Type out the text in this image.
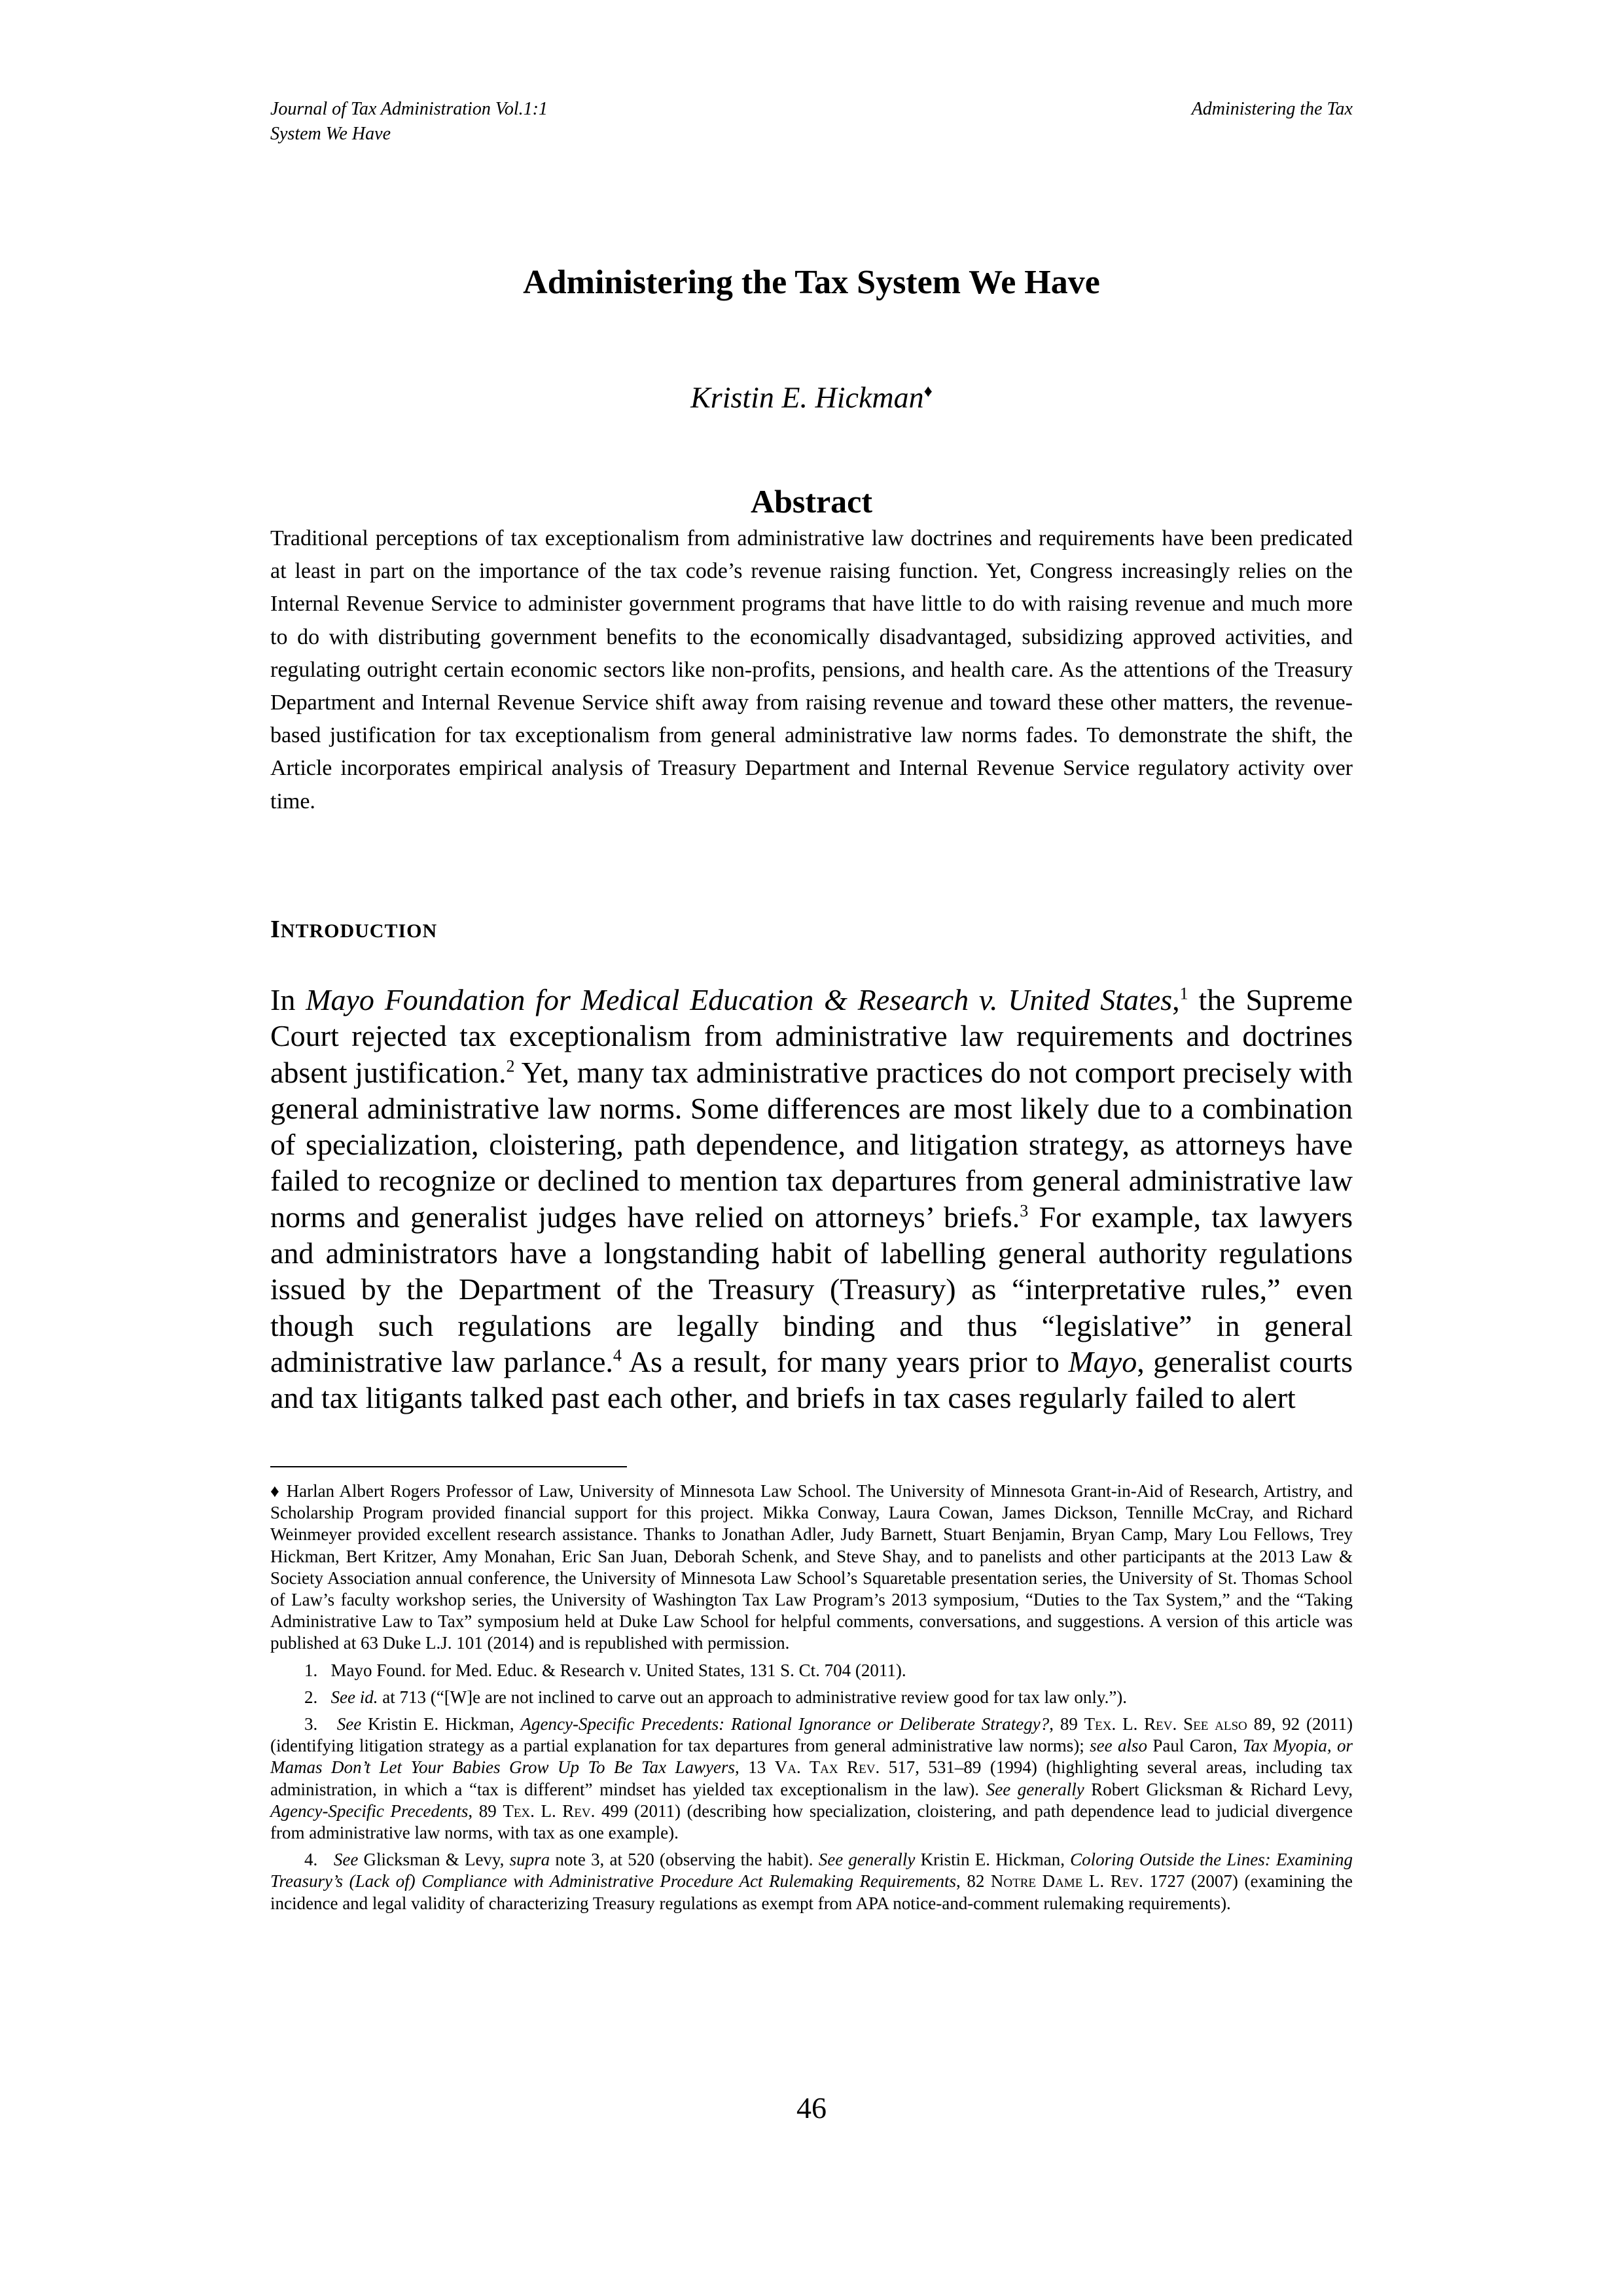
Journal of Tax Administration Vol.1:1
System We Have
Administering the Tax
Administering the Tax System We Have
Kristin E. Hickman♦
Abstract
Traditional perceptions of tax exceptionalism from administrative law doctrines and requirements have been predicated at least in part on the importance of the tax code’s revenue raising function. Yet, Congress increasingly relies on the Internal Revenue Service to administer government programs that have little to do with raising revenue and much more to do with distributing government benefits to the economically disadvantaged, subsidizing approved activities, and regulating outright certain economic sectors like non-profits, pensions, and health care. As the attentions of the Treasury Department and Internal Revenue Service shift away from raising revenue and toward these other matters, the revenue-based justification for tax exceptionalism from general administrative law norms fades. To demonstrate the shift, the Article incorporates empirical analysis of Treasury Department and Internal Revenue Service regulatory activity over time.
INTRODUCTION
In Mayo Foundation for Medical Education & Research v. United States,$^1$ the Supreme Court rejected tax exceptionalism from administrative law requirements and doctrines absent justification.$^2$ Yet, many tax administrative practices do not comport precisely with general administrative law norms. Some differences are most likely due to a combination of specialization, cloistering, path dependence, and litigation strategy, as attorneys have failed to recognize or declined to mention tax departures from general administrative law norms and generalist judges have relied on attorneys’ briefs.$^3$ For example, tax lawyers and administrators have a longstanding habit of labelling general authority regulations issued by the Department of the Treasury (Treasury) as “interpretative rules,” even though such regulations are legally binding and thus “legislative” in general administrative law parlance.$^4$ As a result, for many years prior to Mayo, generalist courts and tax litigants talked past each other, and briefs in tax cases regularly failed to alert

♦ Harlan Albert Rogers Professor of Law, University of Minnesota Law School. The University of Minnesota Grant-in-Aid of Research, Artistry, and Scholarship Program provided financial support for this project. Mikka Conway, Laura Cowan, James Dickson, Tennille McCray, and Richard Weinmeyer provided excellent research assistance. Thanks to Jonathan Adler, Judy Barnett, Stuart Benjamin, Bryan Camp, Mary Lou Fellows, Trey Hickman, Bert Kritzer, Amy Monahan, Eric San Juan, Deborah Schenk, and Steve Shay, and to panelists and other participants at the 2013 Law & Society Association annual conference, the University of Minnesota Law School’s Squaretable presentation series, the University of St. Thomas School of Law’s faculty workshop series, the University of Washington Tax Law Program’s 2013 symposium, “Duties to the Tax System,” and the “Taking Administrative Law to Tax” symposium held at Duke Law School for helpful comments, conversations, and suggestions. A version of this article was published at 63 Duke L.J. 101 (2014) and is republished with permission.

1. Mayo Found. for Med. Educ. & Research v. United States, 131 S. Ct. 704 (2011).

2. See id. at 713 (“[W]e are not inclined to carve out an approach to administrative review good for tax law only.”).

3. See Kristin E. Hickman, Agency-Specific Precedents: Rational Ignorance or Deliberate Strategy?, 89 Tex. L. Rev. See also 89, 92 (2011) (identifying litigation strategy as a partial explanation for tax departures from general administrative law norms); see also Paul Caron, Tax Myopia, or Mamas Don’t Let Your Babies Grow Up To Be Tax Lawyers, 13 Va. Tax Rev. 517, 531–89 (1994) (highlighting several areas, including tax administration, in which a “tax is different” mindset has yielded tax exceptionalism in the law). See generally Robert Glicksman & Richard Levy, Agency-Specific Precedents, 89 Tex. L. Rev. 499 (2011) (describing how specialization, cloistering, and path dependence lead to judicial divergence from administrative law norms, with tax as one example).

4. See Glicksman & Levy, supra note 3, at 520 (observing the habit). See generally Kristin E. Hickman, Coloring Outside the Lines: Examining Treasury’s (Lack of) Compliance with Administrative Procedure Act Rulemaking Requirements, 82 Notre Dame L. Rev. 1727 (2007) (examining the incidence and legal validity of characterizing Treasury regulations as exempt from APA notice-and-comment rulemaking requirements).

46
